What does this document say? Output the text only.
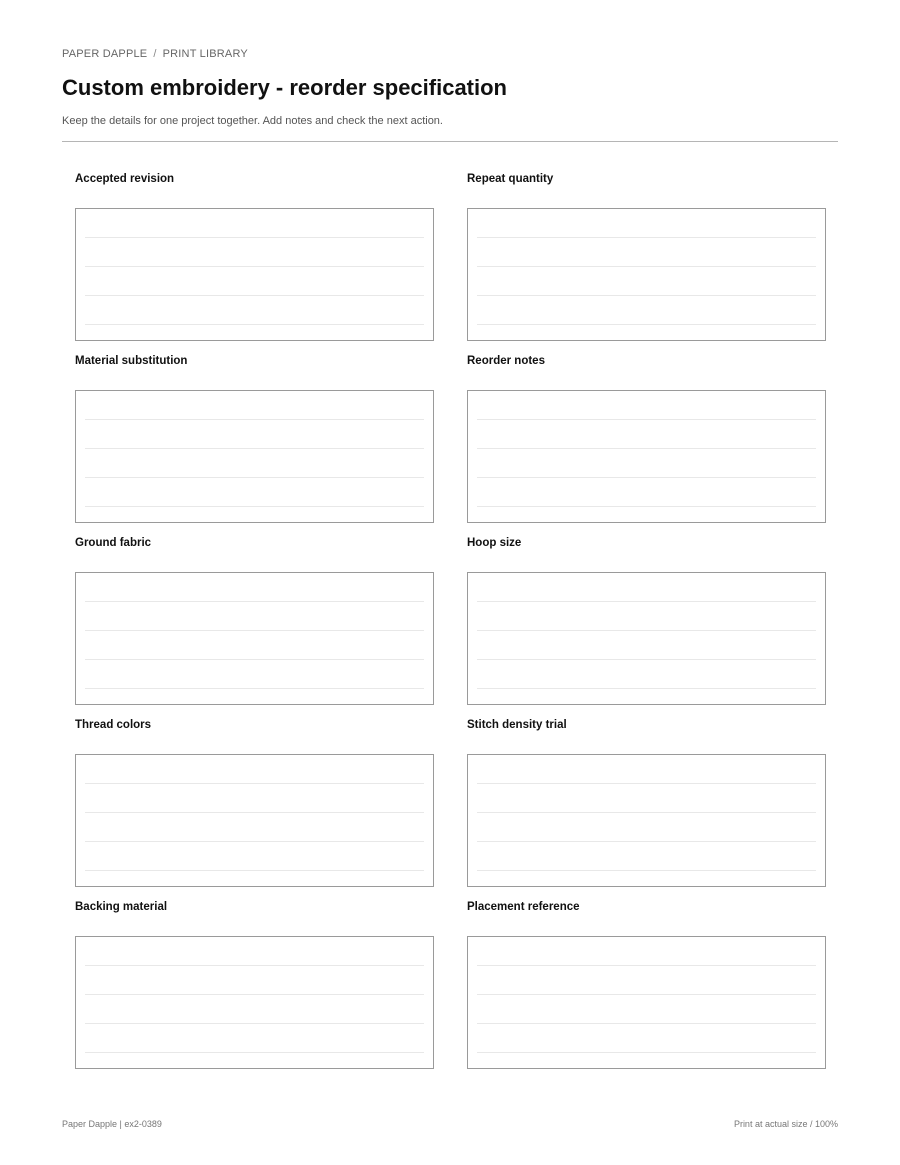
PAPER DAPPLE / PRINT LIBRARY
Custom embroidery - reorder specification
Keep the details for one project together. Add notes and check the next action.
Accepted revision	Repeat quantity
Material substitution	Reorder notes
Ground fabric	Hoop size
Thread colors	Stitch density trial
Backing material	Placement reference
Paper Dapple | ex2-0389	Print at actual size / 100%
